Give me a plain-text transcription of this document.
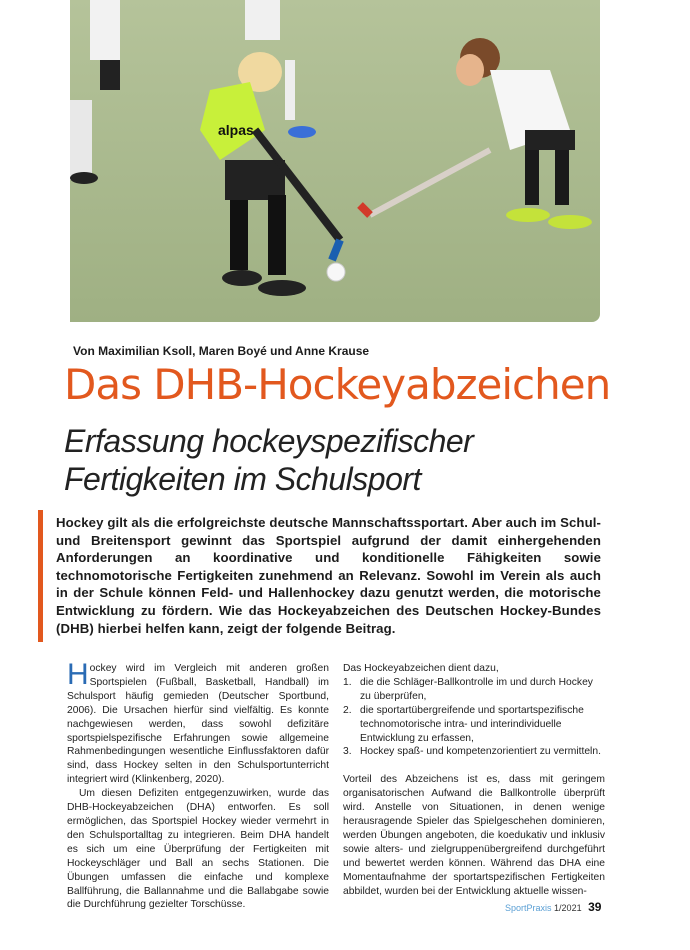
alpas
Von Maximilian Ksoll, Maren Boyé und Anne Krause
Das DHB-Hockeyabzeichen
Erfassung hockeyspezifischer Fertigkeiten im Schulsport

Hockey gilt als die erfolgreichste deutsche Mannschaftssportart. Aber auch im Schul- und Breitensport gewinnt das Sportspiel aufgrund der damit einhergehenden Anforderungen an koordinative und konditionelle Fähigkeiten sowie technomotorische Fertigkeiten zunehmend an Relevanz. Sowohl im Verein als auch in der Schule können Feld- und Hallenhockey dazu genutzt werden, die motorische Entwicklung zu fördern. Wie das Hockeyabzeichen des Deutschen Hockey-Bundes (DHB) hierbei helfen kann, zeigt der folgende Beitrag.

Hockey wird im Vergleich mit anderen großen Sportspielen (Fußball, Basketball, Handball) im Schulsport häufig gemieden (Deutscher Sportbund, 2006). Die Ursachen hierfür sind vielfältig. Es konnte nachgewiesen werden, dass sowohl defizitäre sportspielspezifische Erfahrungen sowie allgemeine Rahmenbedingungen wesentliche Einflussfaktoren dafür sind, dass Hockey selten in den Schulsportunterricht integriert wird (Klinkenberg, 2020).

Um diesen Defiziten entgegenzuwirken, wurde das DHB-Hockeyabzeichen (DHA) entworfen. Es soll ermöglichen, das Sportspiel Hockey wieder vermehrt in den Schulsportalltag zu integrieren. Beim DHA handelt es sich um eine Überprüfung der Fertigkeiten mit Hockeyschläger und Ball an sechs Stationen. Die Übungen umfassen die einfache und komplexe Ballführung, die Ballannahme und die Ballabgabe sowie die Durchführung gezielter Torschüsse.

Das Hockeyabzeichen dient dazu,

1. die die Schläger-Ballkontrolle im und durch Hockey zu überprüfen,
2. die sportartübergreifende und sportartspezifische technomotorische intra- und interindividuelle Entwicklung zu erfassen,
3. Hockey spaß- und kompetenzorientiert zu vermitteln.

Vorteil des Abzeichens ist es, dass mit geringem organisatorischen Aufwand die Ballkontrolle überprüft wird. Anstelle von Situationen, in denen wenige herausragende Spieler das Spielgeschehen dominieren, werden Übungen angeboten, die koedukativ und inklusiv sowie alters- und zielgruppenübergreifend durchgeführt und bewertet werden können. Während das DHA eine Momentaufnahme der sportartspezifischen Fertigkeiten abbildet, wurden bei der Entwicklung aktuelle wissen-

SportPraxis 1/2021 39
